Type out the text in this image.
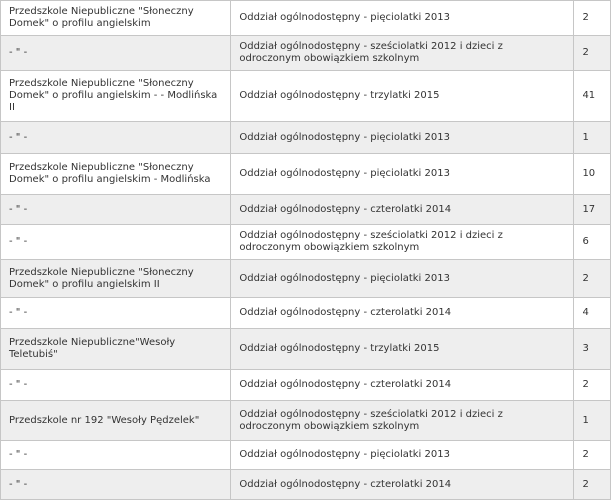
Przedszkole Niepubliczne "Słoneczny Domek" o profilu angielskim	Oddział ogólnodostępny - pięciolatki 2013	2
- " -	Oddział ogólnodostępny - sześciolatki 2012 i dzieci z odroczonym obowiązkiem szkolnym	2
Przedszkole Niepubliczne "Słoneczny Domek" o profilu angielskim - - Modlińska II	Oddział ogólnodostępny - trzylatki 2015	41
- " -	Oddział ogólnodostępny - pięciolatki 2013	1
Przedszkole Niepubliczne "Słoneczny Domek" o profilu angielskim - Modlińska	Oddział ogólnodostępny - pięciolatki 2013	10
- " -	Oddział ogólnodostępny - czterolatki 2014	17
- " -	Oddział ogólnodostępny - sześciolatki 2012 i dzieci z odroczonym obowiązkiem szkolnym	6
Przedszkole Niepubliczne "Słoneczny Domek" o profilu angielskim II	Oddział ogólnodostępny - pięciolatki 2013	2
- " -	Oddział ogólnodostępny - czterolatki 2014	4
Przedszkole Niepubliczne"Wesoły Teletubiś"	Oddział ogólnodostępny - trzylatki 2015	3
- " -	Oddział ogólnodostępny - czterolatki 2014	2
Przedszkole nr 192 "Wesoły Pędzelek"	Oddział ogólnodostępny - sześciolatki 2012 i dzieci z odroczonym obowiązkiem szkolnym	1
- " -	Oddział ogólnodostępny - pięciolatki 2013	2
- " -	Oddział ogólnodostępny - czterolatki 2014	2
